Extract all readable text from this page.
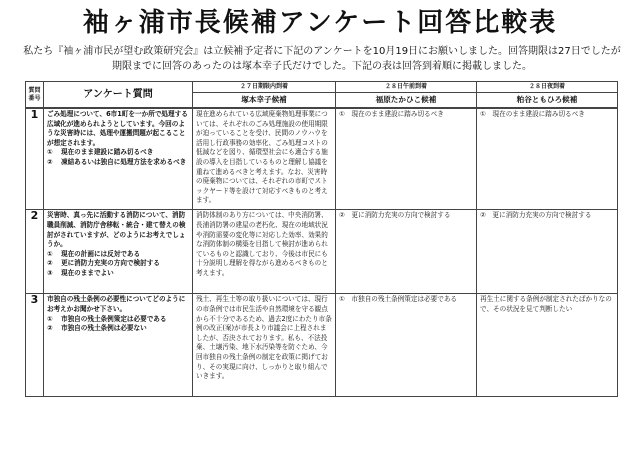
袖ヶ浦市長候補アンケート回答比較表
私たち『袖ヶ浦市民が望む政策研究会』は立候補予定者に下記のアンケートを10月19日にお願いしました。回答期限は27日でしたが期限までに回答のあったのは塚本幸子氏だけでした。下記の表は回答到着順に掲載しました。
質問番号	アンケート質問	２７日期限内到着	２８日午前到着	２８日夜到着
		塚本幸子候補	福原たかひこ候補	粕谷ともひろ候補
1	ごみ処理について、6市1町を一か所で処理する広域化が進められようとしています。今回のような災害時には、処理や運搬問題が起こることが想定されます。
① 現在のまま建設に踏み切るべき
② 凍結あるいは独自に処理方法を求めるべき	現在進められている広域廃棄物処理事業については、それぞれのごみ処理施設の使用期限が迫っていることを受け、民間のノウハウを活用し行政事務の効率化、ごみ処理コストの低減などを図り、循環型社会にも適合する施設の導入を目指しているものと理解し協議を重ねて進めるべきと考えます。なお、災害時の廃棄物については、それぞれの市町でストックヤード等を設けて対応すべきものと考えます。	①　現在のまま建設に踏み切るべき	①　現在のまま建設に踏み切るべき

2	災害時、真っ先に活動する消防について、消防職員削減、消防庁舎移転・統合・建て替えの検討がされていますが、どのようにお考えでしょうか。
① 現在の計画には反対である
② 更に消防力充実の方向で検討する
③ 現在のままでよい	消防体制のあり方については、中央消防署、長浦消防署の建屋の老朽化、現在の地域状況や消防需要の変化等に対応した効率、効果的な消防体制の構築を目指して検討が進められているものと認識しており、今後は市民にも十分説明し理解を得ながら進めるべきものと考えます。	②　更に消防力充実の方向で検討する	②　更に消防力充実の方向で検討する

3	市独自の残土条例の必要性についてどのようにお考えかお聞かせ下さい。
① 市独自の残土条例策定は必要である
② 市独自の残土条例は必要ない	残土、再生土等の取り扱いについては、現行の市条例では市民生活や自然環境を守る観点から不十分であるため、過去2度にわたり市条例の改正(案)が市長より市議会に上程されましたが、否決されております。私も、不法投棄、土壌汚染、地下水汚染等を防ぐため、今回市独自の残土条例の制定を政策に掲げており、その実現に向け、しっかりと取り組んでいきます。	①　市独自の残土条例策定は必要である	再生土に関する条例が制定されたばかりなので、その状況を見て判断したい
